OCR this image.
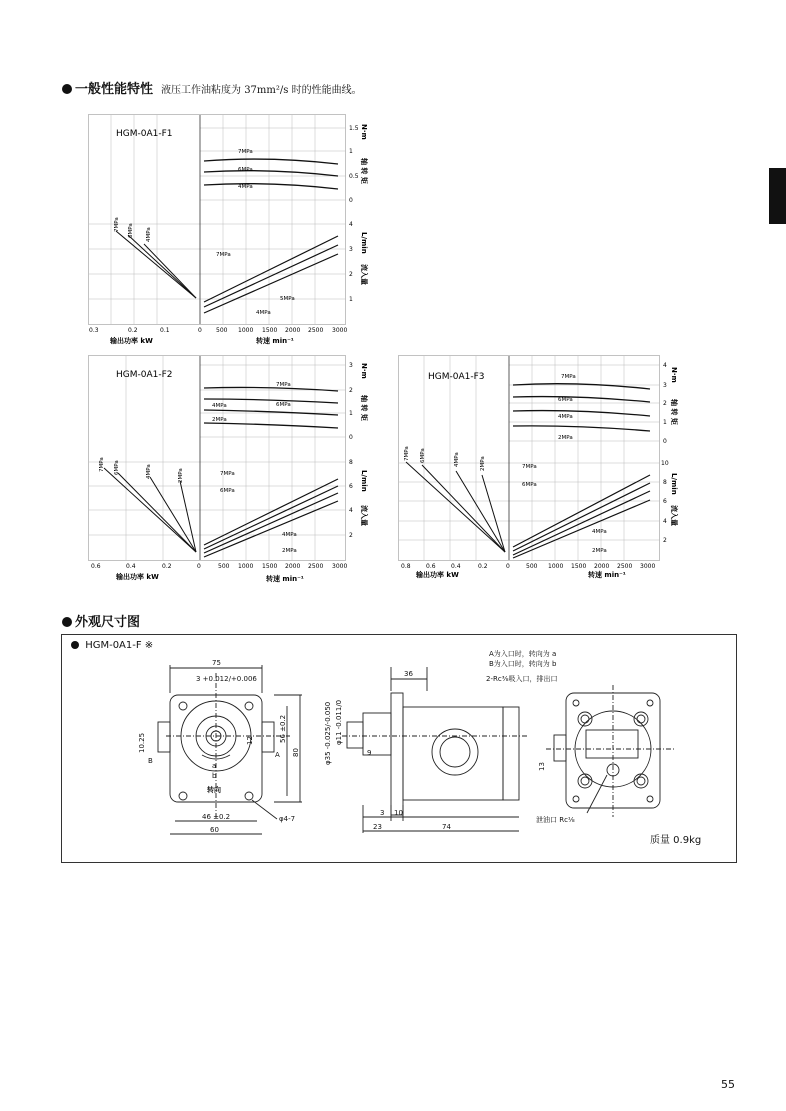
一般性能特性 液压工作油粘度为 37mm²/s 时的性能曲线。
HGM-0A1-F1
7MPa
6MPa
4MPa
7MPa
5MPa
4MPa
7MPa 6MPa 4MPa
0.3	0.2	0.1	0 500 1000 1500 2000 2500 3000
1.5
1
0.5
0
4
3
2
1
N·m
轴 转 矩
L/min
流入量
输出功率 kW	转速 min⁻¹
HGM-0A1-F2
7MPa
4MPa	6MPa
2MPa
7MPa
6MPa
4MPa
2MPa
7MPa 6MPa	4MPa	2MPa
0.6	0.4	0.2	0	500 1000 1500 2000 2500 3000
3
2
1
0
8
6
4
2
N·m
轴 转 矩
L/min
流入量
输出功率 kW	转速 min⁻¹
HGM-0A1-F3	7MPa
6MPa
4MPa
2MPa
7MPa
6MPa
4MPa
2MPa
7MPa 6MPa	4MPa	2MPa
0.8	0.6	0.4	0.2	0	500 1000 1500 2000 2500 3000
4
3
2
1
0
10
8
6
4
2
N·m
轴 转 矩
L/min
流入量
输出功率 kW	转速 min⁻¹
外观尺寸图
HGM-0A1-F ※
A为入口时，转向为 a
B为入口时，转向为 b
2-Rc⅜吸入口，排出口
泄油口 Rc⅛
质量 0.9kg
转向
75
3 +0.012/+0.006
10.25
B
12
A
56 ±0.2
80
46 ±0.2
60
φ4-7
a
b
36
φ35 -0.025/-0.050 φ11 -0.011/0
9
3 10
23	74
13
55
